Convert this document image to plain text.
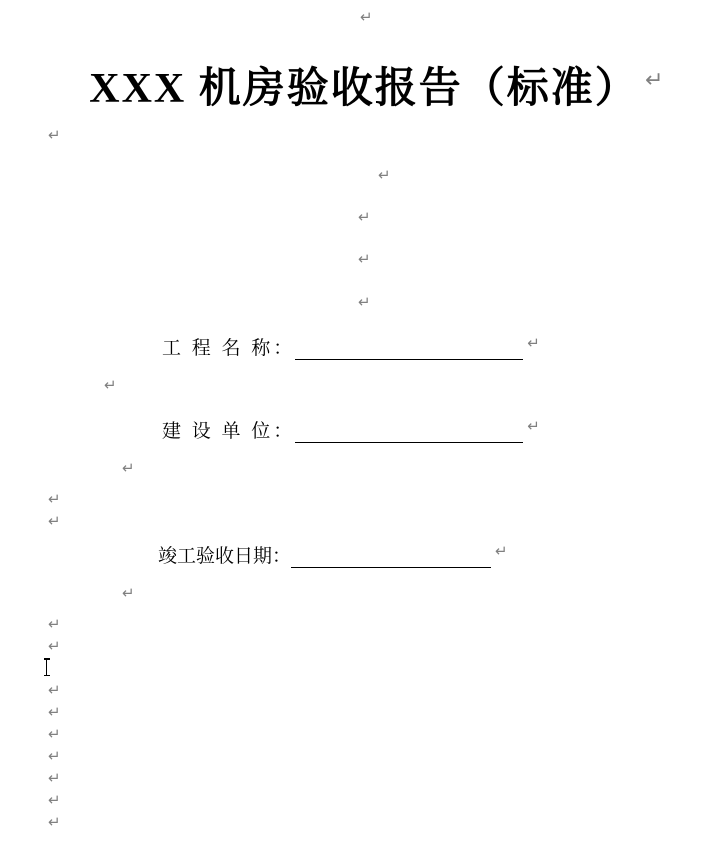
↵
↵
↵
↵
↵
↵
↵
↵
↵
↵
↵
↵
↵
↵
↵
↵
↵
↵
↵
↵
XXX 机房验收报告（标准） ↵
工 程 名 称：	↵
建 设 单 位：	↵
竣工验收日期：	↵
